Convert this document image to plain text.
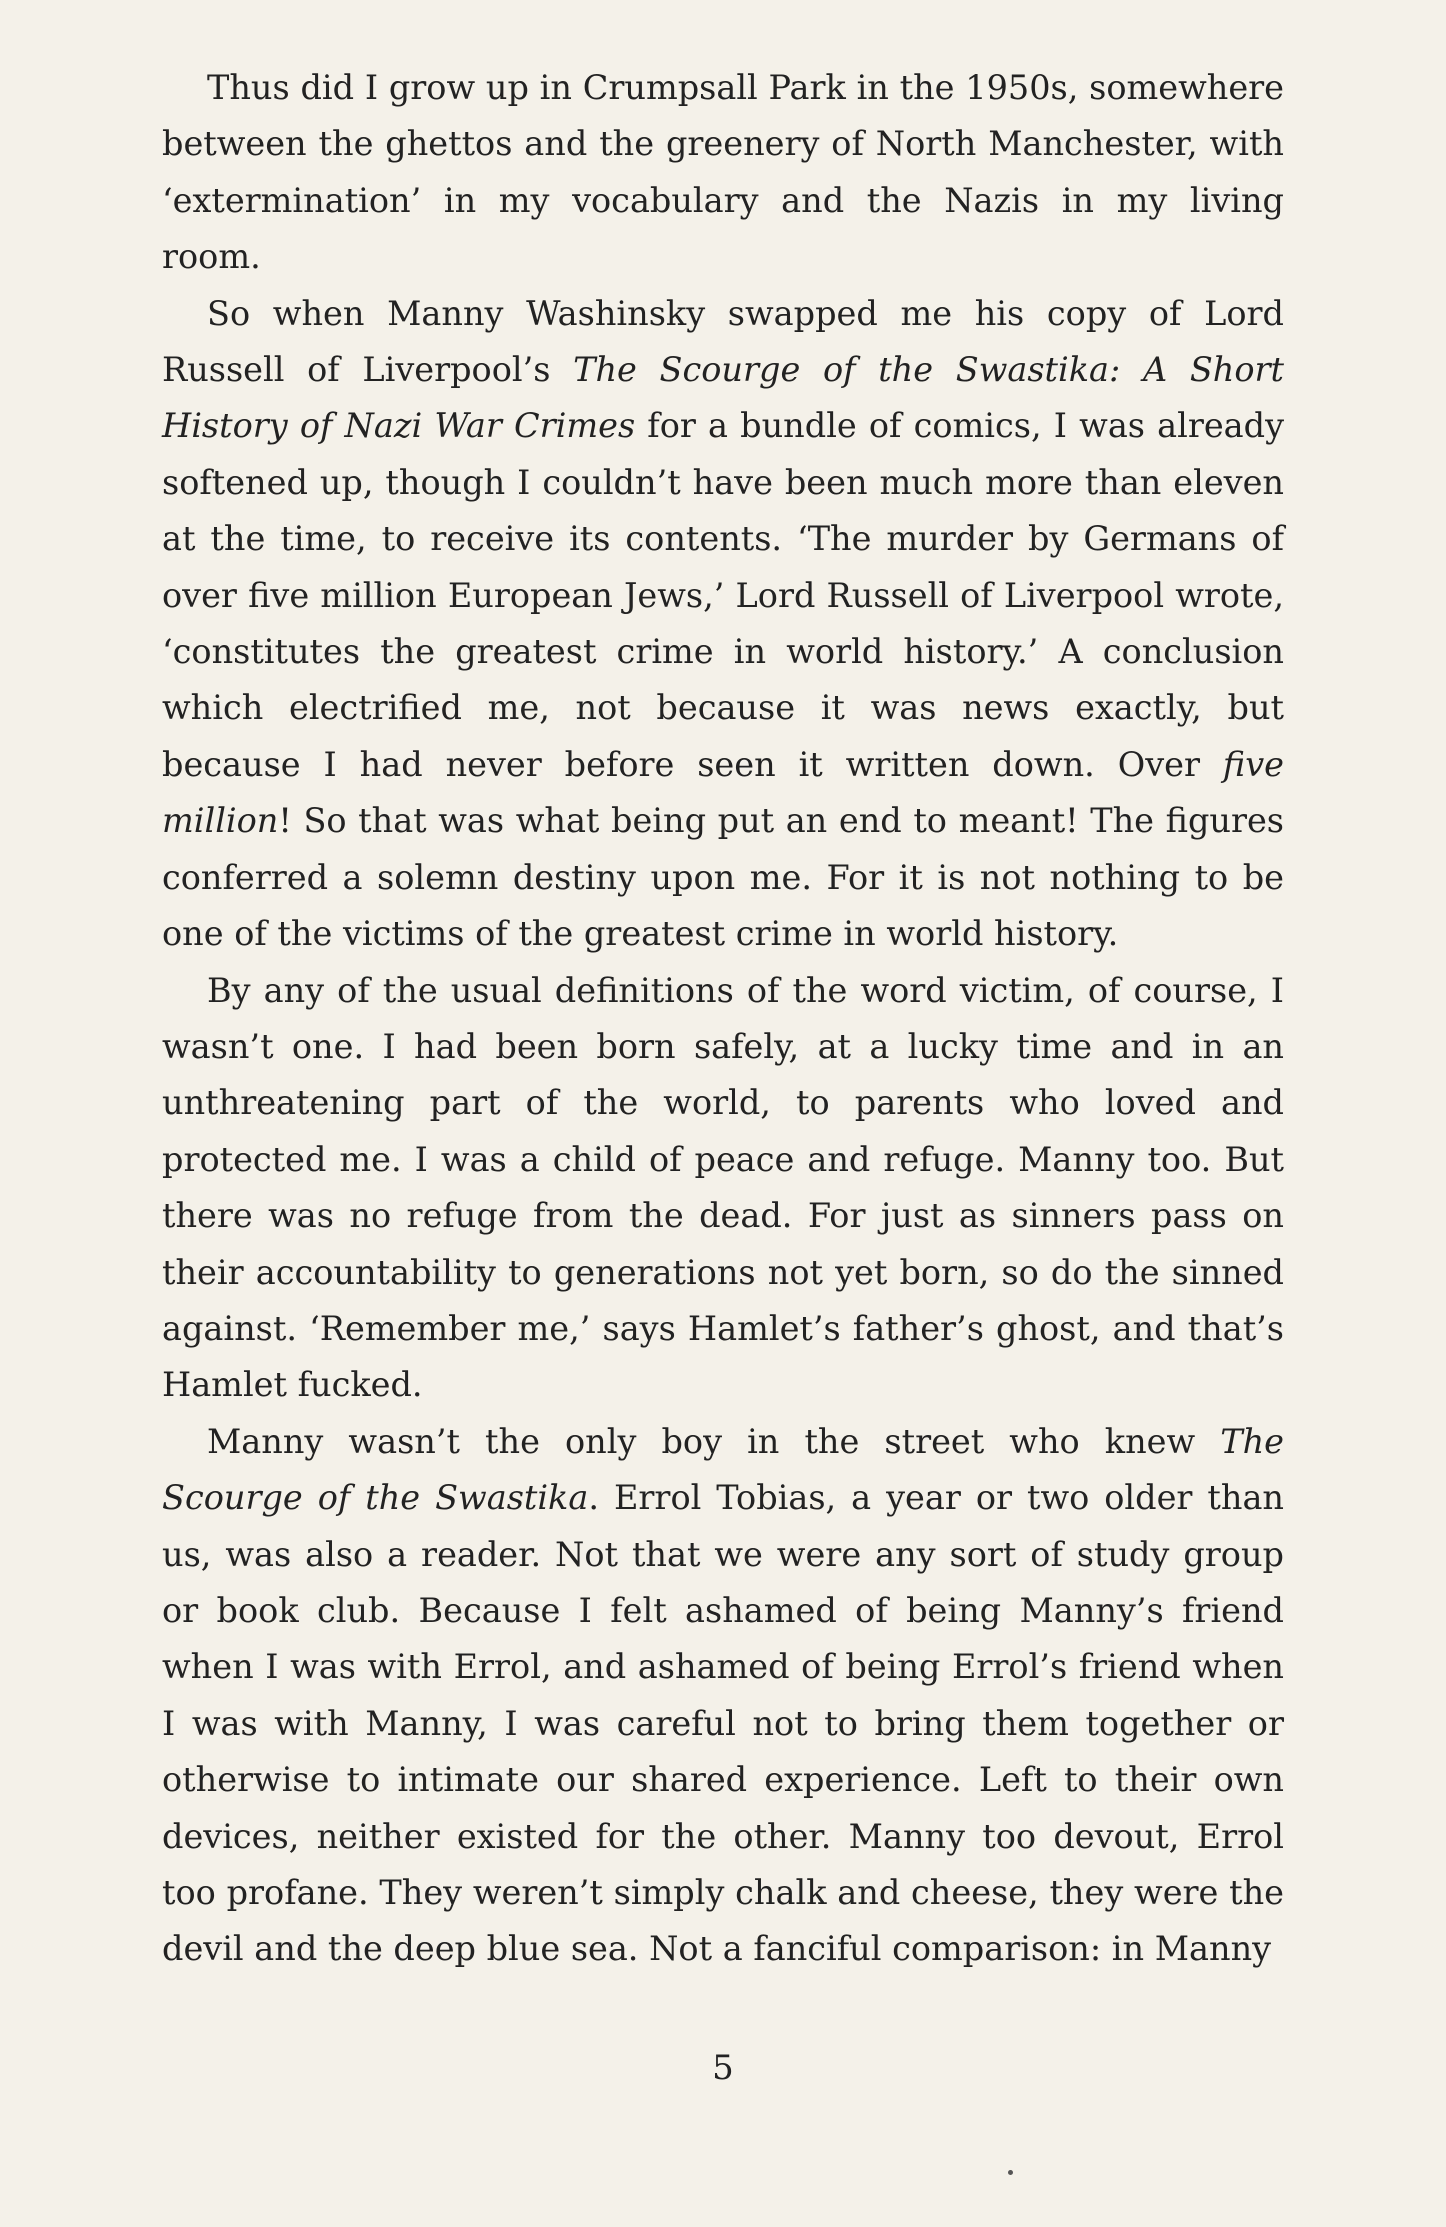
Thus did I grow up in Crumpsall Park in the 1950s, somewhere between the ghettos and the greenery of North Manchester, with ‘extermination’ in my vocabulary and the Nazis in my living room.

So when Manny Washinsky swapped me his copy of Lord Russell of Liverpool’s The Scourge of the Swastika: A Short History of Nazi War Crimes for a bundle of comics, I was already softened up, though I couldn’t have been much more than eleven at the time, to receive its contents. ‘The murder by Germans of over five million European Jews,’ Lord Russell of Liverpool wrote, ‘constitutes the greatest crime in world history.’ A conclusion which electrified me, not because it was news exactly, but because I had never before seen it written down. Over five million! So that was what being put an end to meant! The figures conferred a solemn destiny upon me. For it is not nothing to be one of the victims of the greatest crime in world history.

By any of the usual definitions of the word victim, of course, I wasn’t one. I had been born safely, at a lucky time and in an unthreatening part of the world, to parents who loved and protected me. I was a child of peace and refuge. Manny too. But there was no refuge from the dead. For just as sinners pass on their accountability to generations not yet born, so do the sinned against. ‘Remember me,’ says Hamlet’s father’s ghost, and that’s Hamlet fucked.

Manny wasn’t the only boy in the street who knew The Scourge of the Swastika. Errol Tobias, a year or two older than us, was also a reader. Not that we were any sort of study group or book club. Because I felt ashamed of being Manny’s friend when I was with Errol, and ashamed of being Errol’s friend when I was with Manny, I was careful not to bring them together or otherwise to intimate our shared experience. Left to their own devices, neither existed for the other. Manny too devout, Errol too profane. They weren’t simply chalk and cheese, they were the devil and the deep blue sea. Not a fanciful comparison: in Manny

5
